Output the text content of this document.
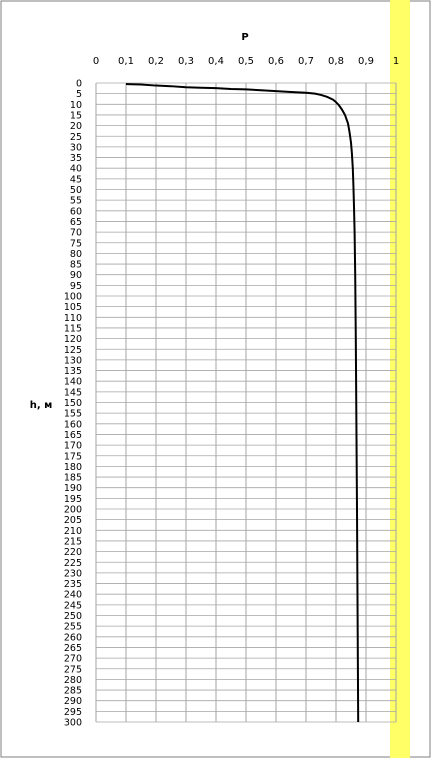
0 0,1 0,2 0,3 0,4 0,5 0,6 0,7 0,8 0,9 1
0
5
10
15
20
25
30
35
40
45
50
55
60
65
70
75
80
85
90
95
100
105
110
115
120
125
130
135
140
145
150
155
160
165
170
175
180
185
190
195
200
205
210
215
220
225
230
235
240
245
250
255
260
265
270
275
280
285
290
295
300
P
h, м
